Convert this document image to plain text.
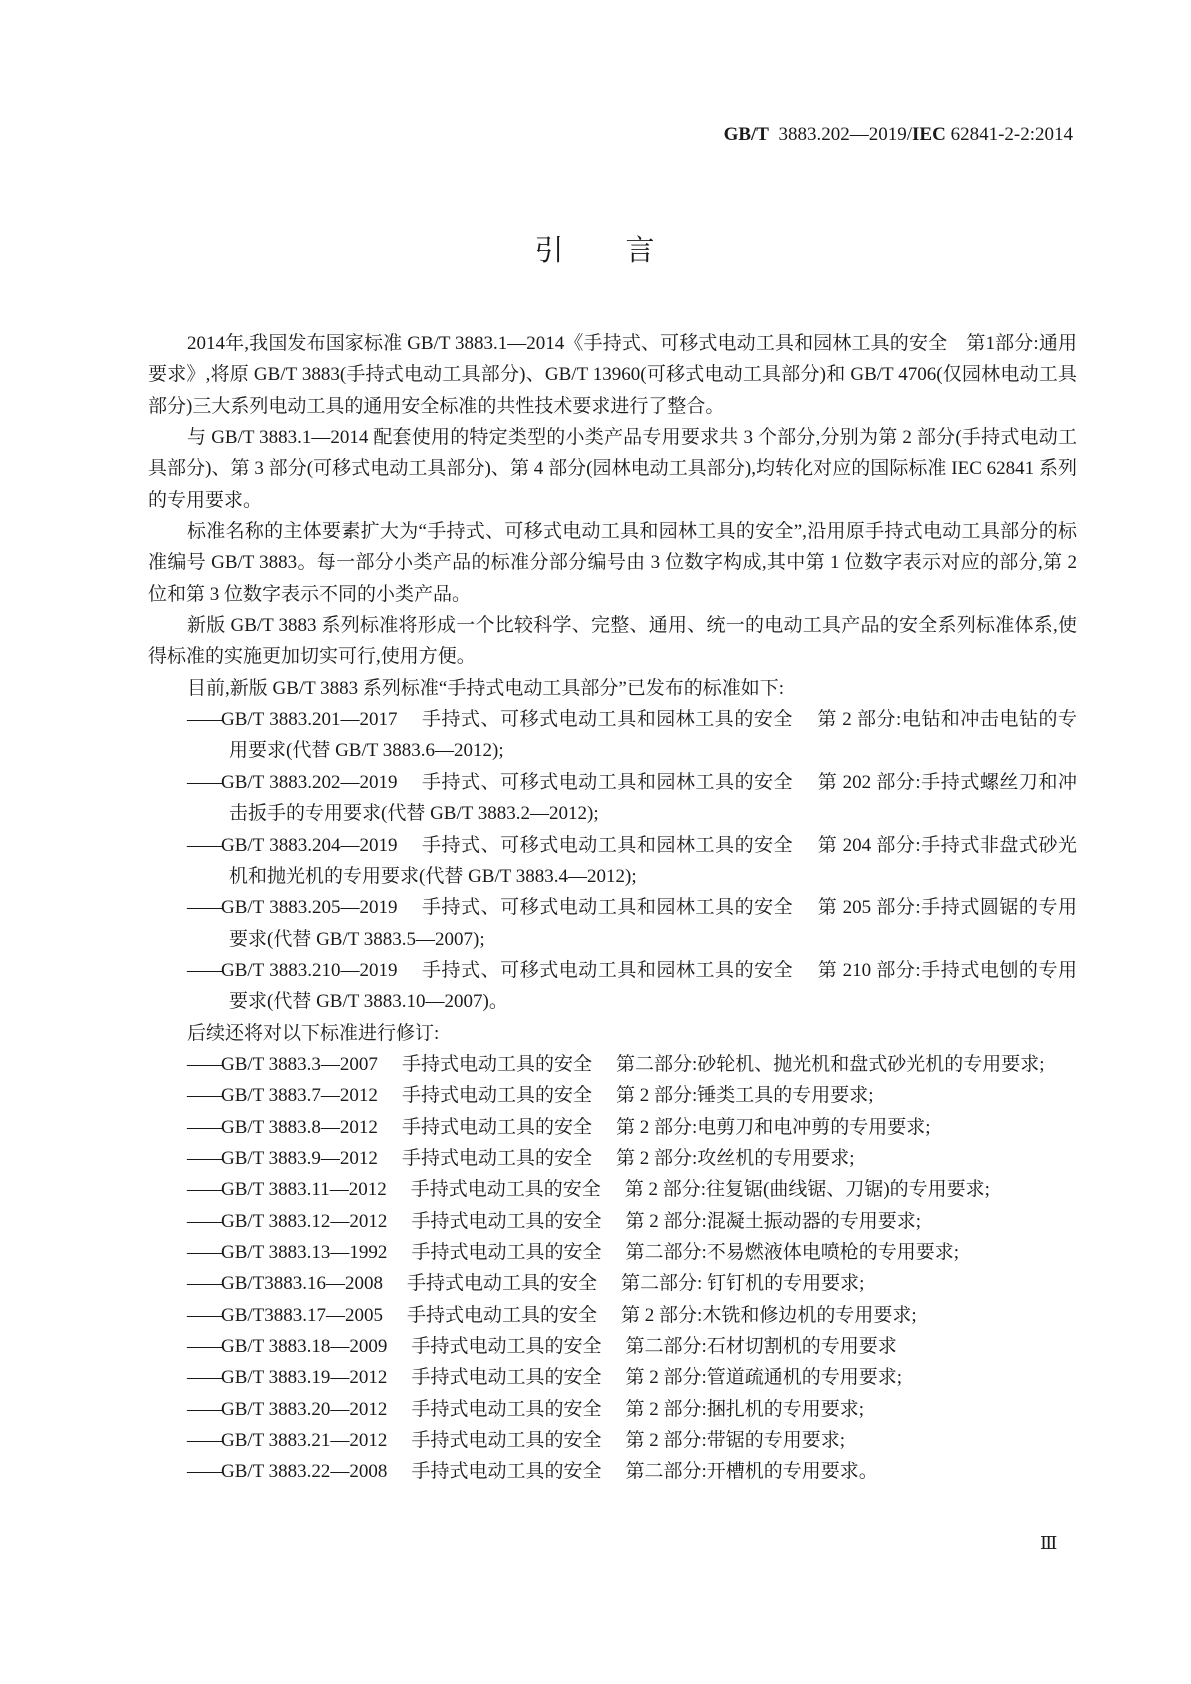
GB/T 3883.202—2019/IEC 62841-2-2:2014
引 言

2014年,我国发布国家标准 GB/T 3883.1—2014《手持式、可移式电动工具和园林工具的安全　第1部分:通用要求》,将原 GB/T 3883(手持式电动工具部分)、GB/T 13960(可移式电动工具部分)和 GB/T 4706(仅园林电动工具部分)三大系列电动工具的通用安全标准的共性技术要求进行了整合。

与 GB/T 3883.1—2014 配套使用的特定类型的小类产品专用要求共 3 个部分,分别为第 2 部分(手持式电动工具部分)、第 3 部分(可移式电动工具部分)、第 4 部分(园林电动工具部分),均转化对应的国际标准 IEC 62841 系列的专用要求。

标准名称的主体要素扩大为“手持式、可移式电动工具和园林工具的安全”,沿用原手持式电动工具部分的标准编号 GB/T 3883。每一部分小类产品的标准分部分编号由 3 位数字构成,其中第 1 位数字表示对应的部分,第 2 位和第 3 位数字表示不同的小类产品。

新版 GB/T 3883 系列标准将形成一个比较科学、完整、通用、统一的电动工具产品的安全系列标准体系,使得标准的实施更加切实可行,使用方便。

目前,新版 GB/T 3883 系列标准“手持式电动工具部分”已发布的标准如下:

——GB/T 3883.201—2017 手持式、可移式电动工具和园林工具的安全 第 2 部分:电钻和冲击电钻的专用要求(代替 GB/T 3883.6—2012);

——GB/T 3883.202—2019 手持式、可移式电动工具和园林工具的安全 第 202 部分:手持式螺丝刀和冲击扳手的专用要求(代替 GB/T 3883.2—2012);

——GB/T 3883.204—2019 手持式、可移式电动工具和园林工具的安全 第 204 部分:手持式非盘式砂光机和抛光机的专用要求(代替 GB/T 3883.4—2012);

——GB/T 3883.205—2019 手持式、可移式电动工具和园林工具的安全 第 205 部分:手持式圆锯的专用要求(代替 GB/T 3883.5—2007);

——GB/T 3883.210—2019 手持式、可移式电动工具和园林工具的安全 第 210 部分:手持式电刨的专用要求(代替 GB/T 3883.10—2007)。

后续还将对以下标准进行修订:

——GB/T 3883.3—2007 手持式电动工具的安全 第二部分:砂轮机、抛光机和盘式砂光机的专用要求;

——GB/T 3883.7—2012 手持式电动工具的安全 第 2 部分:锤类工具的专用要求;

——GB/T 3883.8—2012 手持式电动工具的安全 第 2 部分:电剪刀和电冲剪的专用要求;

——GB/T 3883.9—2012 手持式电动工具的安全 第 2 部分:攻丝机的专用要求;

——GB/T 3883.11—2012 手持式电动工具的安全 第 2 部分:往复锯(曲线锯、刀锯)的专用要求;

——GB/T 3883.12—2012 手持式电动工具的安全 第 2 部分:混凝土振动器的专用要求;

——GB/T 3883.13—1992 手持式电动工具的安全 第二部分:不易燃液体电喷枪的专用要求;

——GB/T3883.16—2008 手持式电动工具的安全 第二部分: 钉钉机的专用要求;

——GB/T3883.17—2005 手持式电动工具的安全 第 2 部分:木铣和修边机的专用要求;

——GB/T 3883.18—2009 手持式电动工具的安全 第二部分:石材切割机的专用要求

——GB/T 3883.19—2012 手持式电动工具的安全 第 2 部分:管道疏通机的专用要求;

——GB/T 3883.20—2012 手持式电动工具的安全 第 2 部分:捆扎机的专用要求;

——GB/T 3883.21—2012 手持式电动工具的安全 第 2 部分:带锯的专用要求;

——GB/T 3883.22—2008 手持式电动工具的安全 第二部分:开槽机的专用要求。

Ⅲ
